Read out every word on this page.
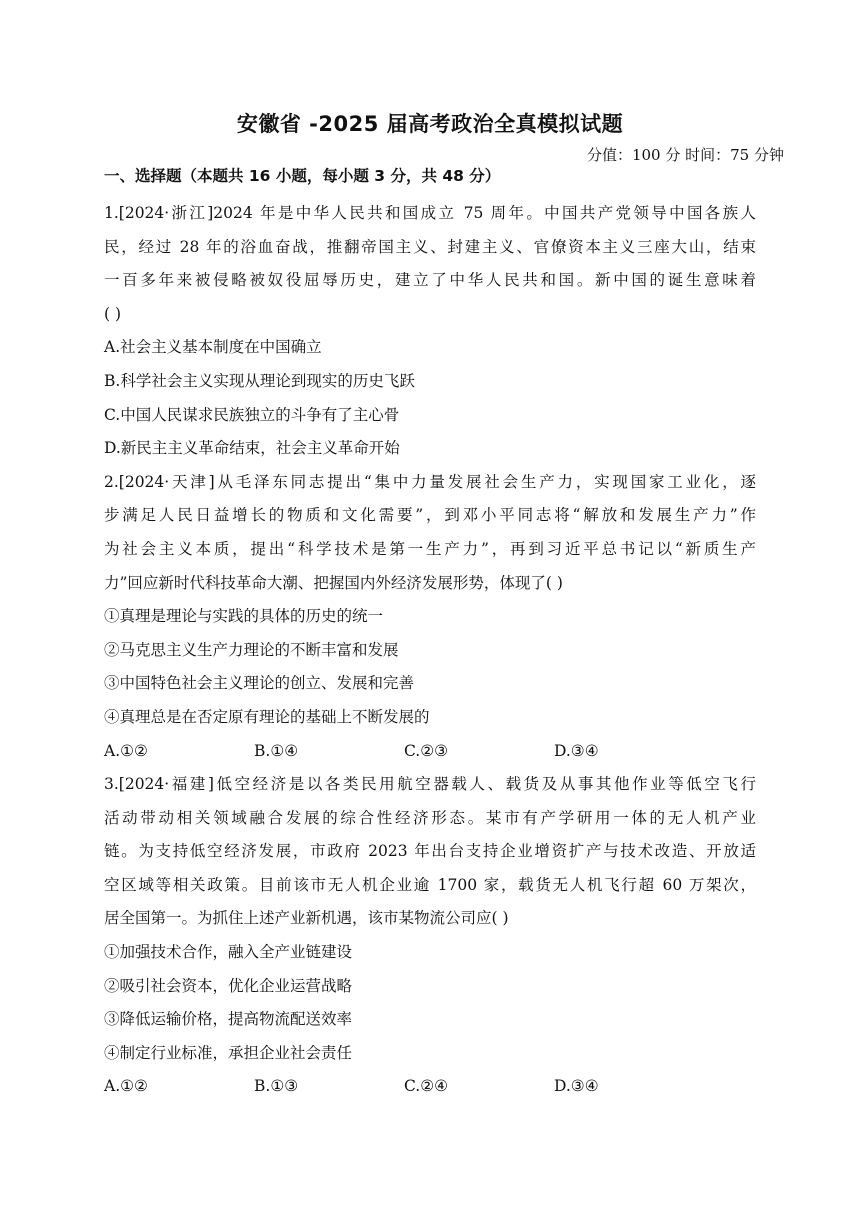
安徽省 -2025 届高考政治全真模拟试题
分值：100 分 时间：75 分钟
一、选择题（本题共 16 小题，每小题 3 分，共 48 分）
1.[2024·浙江]2024 年是中华人民共和国成立 75 周年。中国共产党领导中国各族人
民，经过 28 年的浴血奋战，推翻帝国主义、封建主义、官僚资本主义三座大山，结束
一百多年来被侵略被奴役屈辱历史，建立了中华人民共和国。新中国的诞生意味着
( )
A.社会主义基本制度在中国确立
B.科学社会主义实现从理论到现实的历史飞跃
C.中国人民谋求民族独立的斗争有了主心骨
D.新民主主义革命结束，社会主义革命开始
2.[2024·天津]从毛泽东同志提出“集中力量发展社会生产力，实现国家工业化，逐
步满足人民日益增长的物质和文化需要”，到邓小平同志将“解放和发展生产力”作
为社会主义本质，提出“科学技术是第一生产力”，再到习近平总书记以“新质生产
力”回应新时代科技革命大潮、把握国内外经济发展形势，体现了( )
①真理是理论与实践的具体的历史的统一
②马克思主义生产力理论的不断丰富和发展
③中国特色社会主义理论的创立、发展和完善
④真理总是在否定原有理论的基础上不断发展的
A.①②	B.①④	C.②③	D.③④
3.[2024·福建]低空经济是以各类民用航空器载人、载货及从事其他作业等低空飞行
活动带动相关领域融合发展的综合性经济形态。某市有产学研用一体的无人机产业
链。为支持低空经济发展，市政府 2023 年出台支持企业增资扩产与技术改造、开放适
空区域等相关政策。目前该市无人机企业逾 1700 家，载货无人机飞行超 60 万架次，
居全国第一。为抓住上述产业新机遇，该市某物流公司应( )
①加强技术合作，融入全产业链建设
②吸引社会资本，优化企业运营战略
③降低运输价格，提高物流配送效率
④制定行业标准，承担企业社会责任
A.①②	B.①③	C.②④	D.③④
